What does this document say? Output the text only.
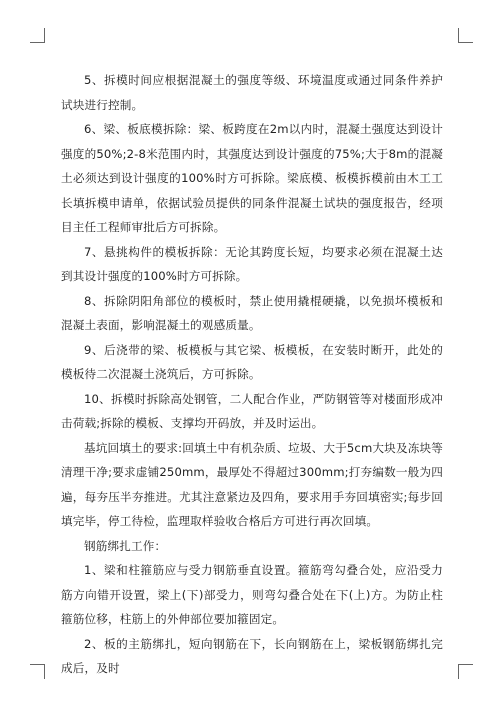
5、拆模时间应根据混凝土的强度等级、环境温度或通过同条件养护试块进行控制。

6、梁、板底模拆除：梁、板跨度在2m以内时，混凝土强度达到设计强度的50%;2-8米范围内时，其强度达到设计强度的75%;大于8m的混凝土必须达到设计强度的100%时方可拆除。梁底模、板模拆模前由木工工长填拆模申请单，依据试验员提供的同条件混凝土试块的强度报告，经项目主任工程师审批后方可拆除。

7、悬挑构件的模板拆除：无论其跨度长短，均要求必须在混凝土达到其设计强度的100%时方可拆除。

8、拆除阴阳角部位的模板时，禁止使用撬棍硬撬，以免损坏模板和混凝土表面，影响混凝土的观感质量。

9、后浇带的梁、板模板与其它梁、板模板，在安装时断开，此处的模板待二次混凝土浇筑后，方可拆除。

10、拆模时拆除高处钢管，二人配合作业，严防钢管等对楼面形成冲击荷载;拆除的模板、支撑均开码放，并及时运出。

基坑回填土的要求:回填土中有机杂质、垃圾、大于5cm大块及冻块等清理干净;要求虚铺250mm，最厚处不得超过300mm;打夯编数一般为四遍，每夯压半夯推进。尤其注意紧边及四角，要求用手夯回填密实;每步回填完毕，停工待检，监理取样验收合格后方可进行再次回填。

钢筋绑扎工作：

1、梁和柱箍筋应与受力钢筋垂直设置。箍筋弯勾叠合处，应沿受力筋方向错开设置，梁上(下)部受力，则弯勾叠合处在下(上)方。为防止柱箍筋位移，柱筋上的外伸部位要加箍固定。

2、板的主筋绑扎，短向钢筋在下，长向钢筋在上，梁板钢筋绑扎完成后，及时
